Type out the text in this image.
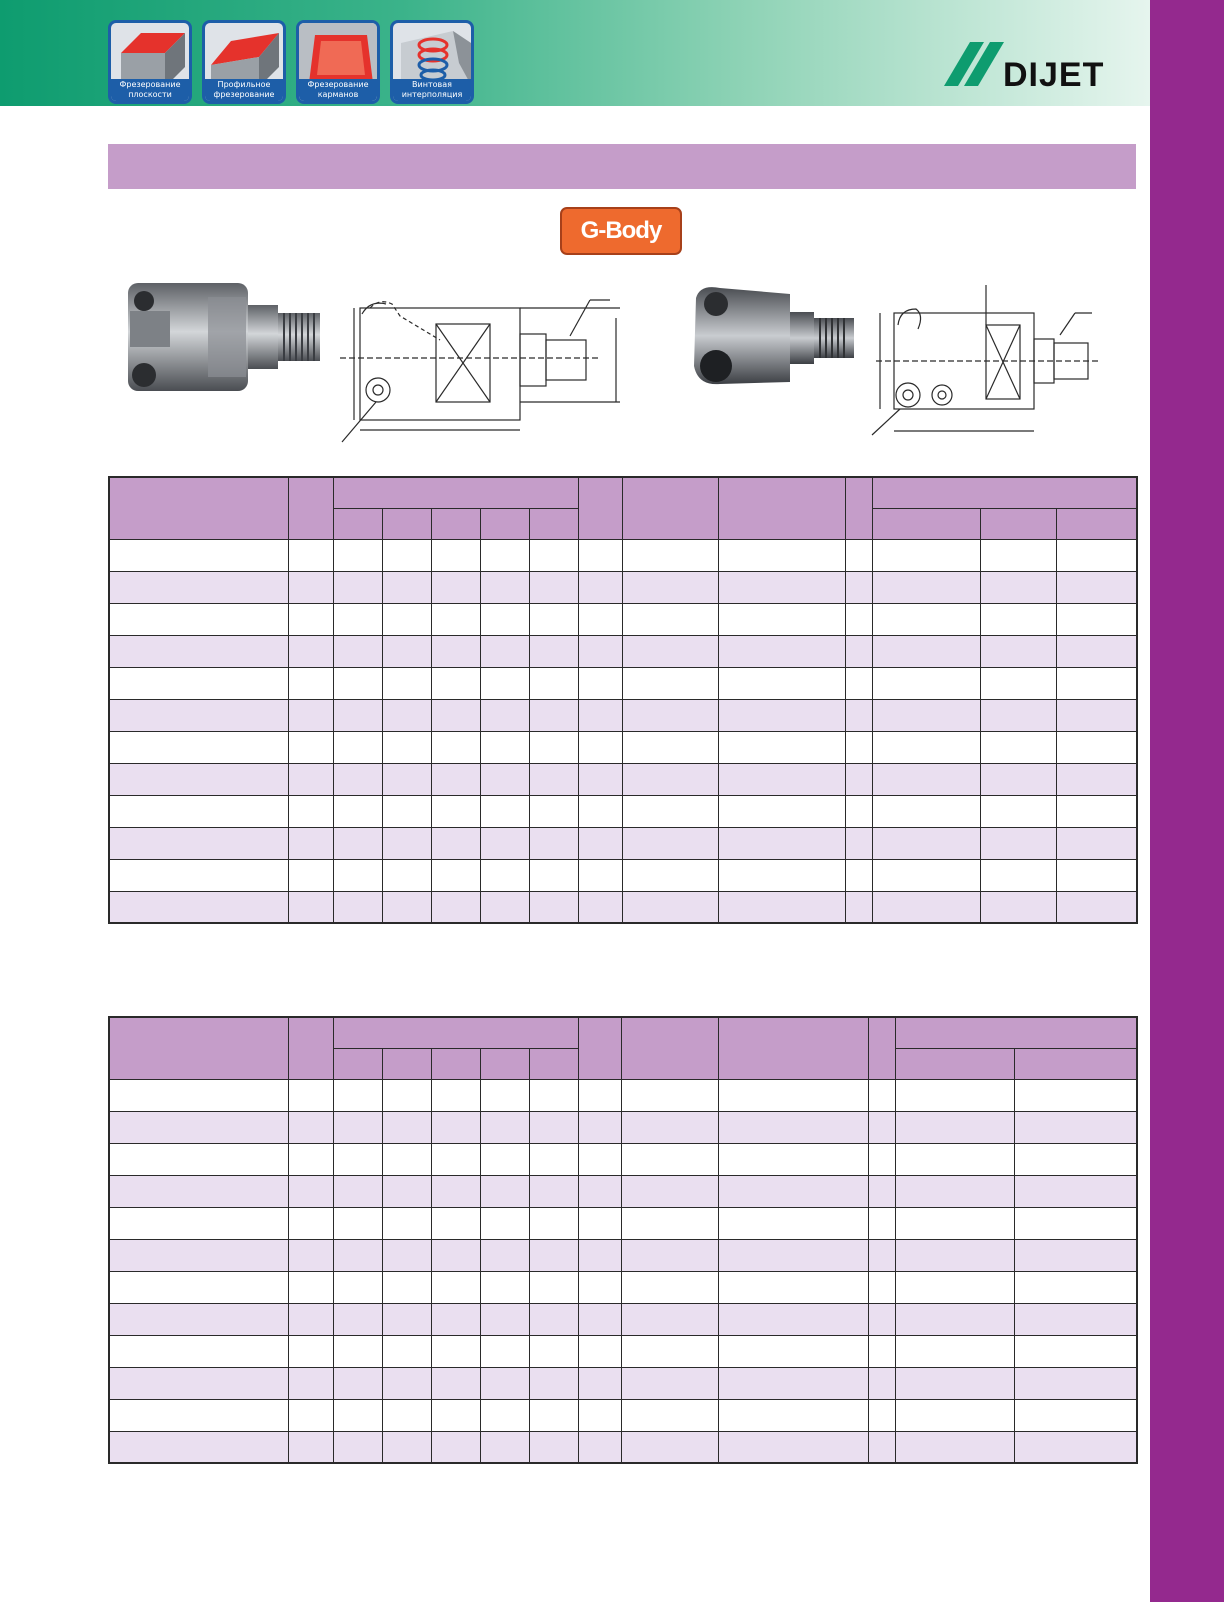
Фрезерование
плоскости
Профильное
фрезерование
Фрезерование
карманов
Винтовая
интерполяция
DIJET
G-Body
